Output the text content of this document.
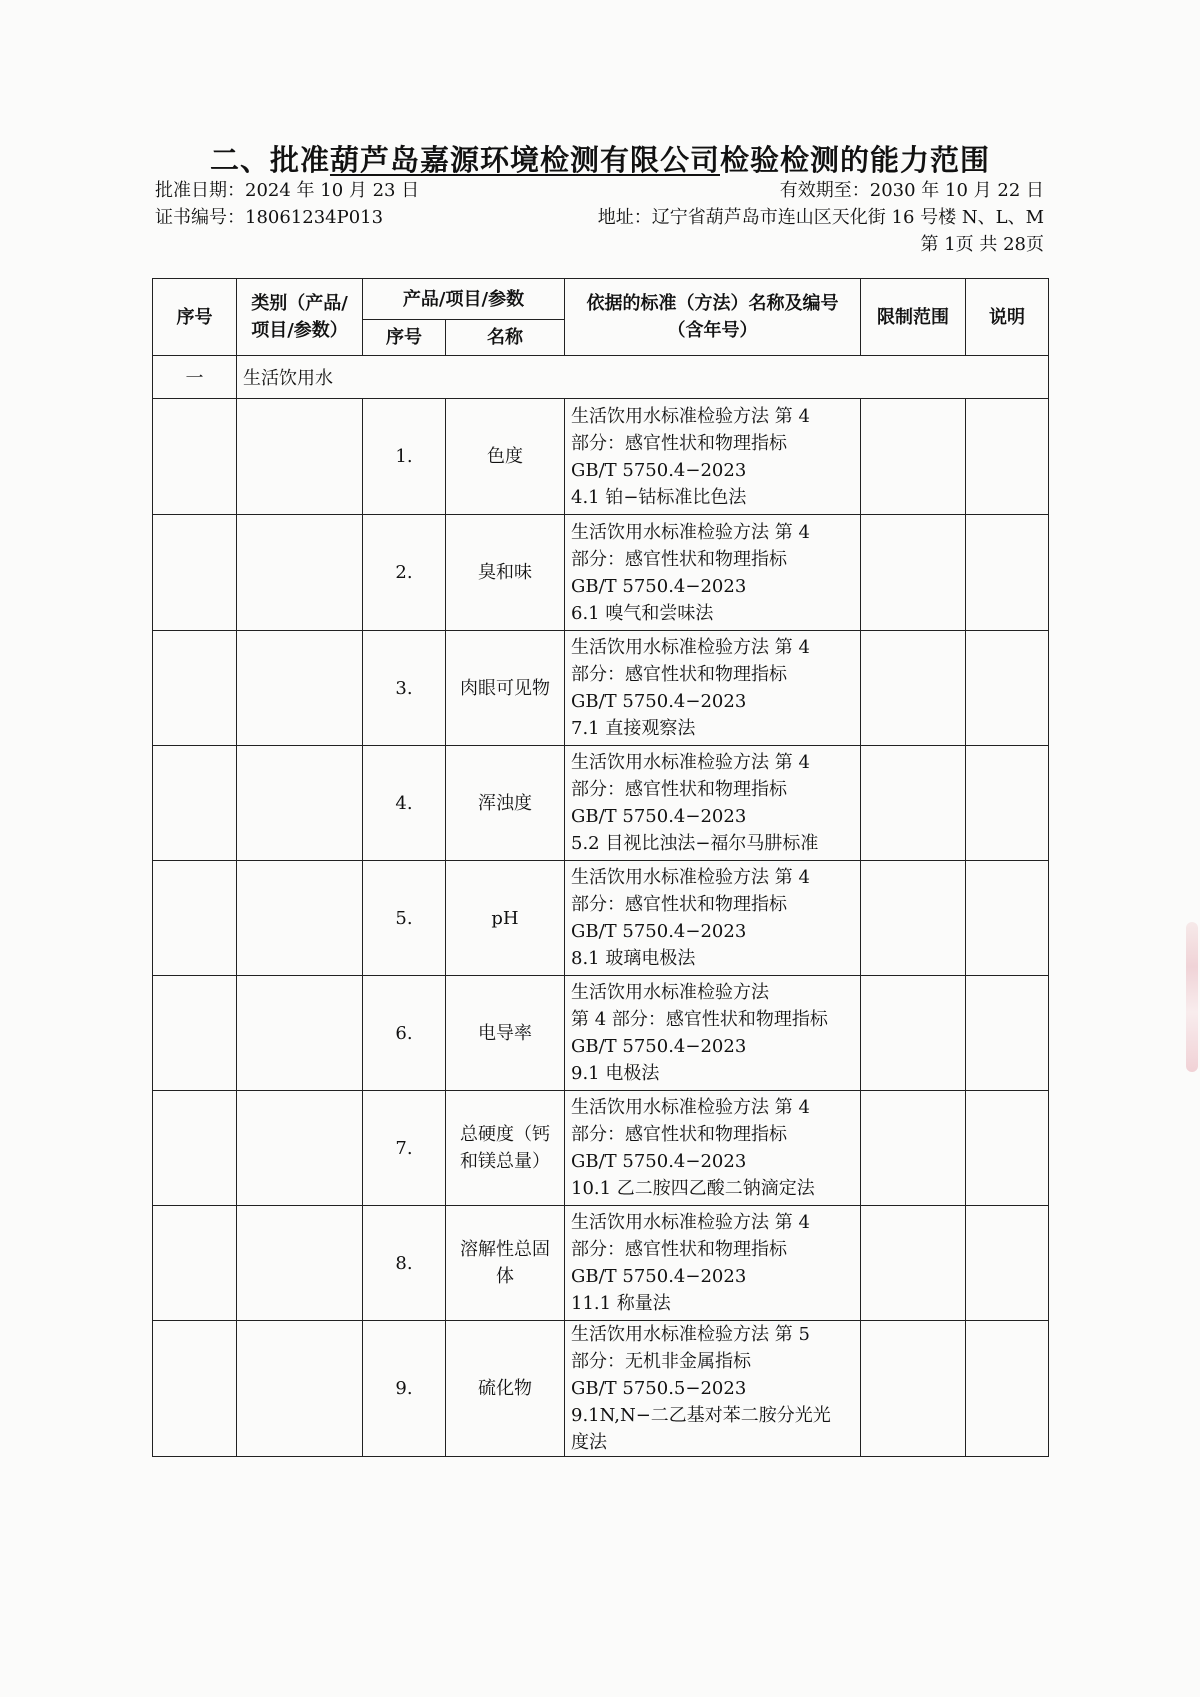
二、批准葫芦岛嘉源环境检测有限公司检验检测的能力范围
批准日期：2024 年 10 月 23 日
证书编号：18061234P013
有效期至：2030 年 10 月 22 日
地址：辽宁省葫芦岛市连山区天化街 16 号楼 N、L、M
第 1页 共 28页
序号	类别（产品/项目/参数）	产品/项目/参数		依据的标准（方法）名称及编号（含年号）	限制范围	说明
		序号	名称			
一	生活饮用水					
		1.	色度	生活饮用水标准检验方法 第 4
部分：感官性状和物理指标
GB/T 5750.4−2023
4.1 铂−钴标准比色法		

		2.	臭和味	生活饮用水标准检验方法 第 4
部分：感官性状和物理指标
GB/T 5750.4−2023
6.1 嗅气和尝味法		

		3.	肉眼可见物	生活饮用水标准检验方法 第 4
部分：感官性状和物理指标
GB/T 5750.4−2023
7.1 直接观察法		

		4.	浑浊度	生活饮用水标准检验方法 第 4
部分：感官性状和物理指标
GB/T 5750.4−2023
5.2 目视比浊法−福尔马肼标准		

		5.	pH	生活饮用水标准检验方法 第 4
部分：感官性状和物理指标
GB/T 5750.4−2023
8.1 玻璃电极法		

		6.	电导率	生活饮用水标准检验方法
第 4 部分：感官性状和物理指标
GB/T 5750.4−2023
9.1 电极法		

		7.	总硬度（钙和镁总量）	生活饮用水标准检验方法 第 4
部分：感官性状和物理指标
GB/T 5750.4−2023
10.1 乙二胺四乙酸二钠滴定法		

		8.	溶解性总固体	生活饮用水标准检验方法 第 4
部分：感官性状和物理指标
GB/T 5750.4−2023
11.1 称量法		

		9.	硫化物	生活饮用水标准检验方法 第 5
部分：无机非金属指标
GB/T 5750.5−2023
9.1N,N−二乙基对苯二胺分光光
度法		
